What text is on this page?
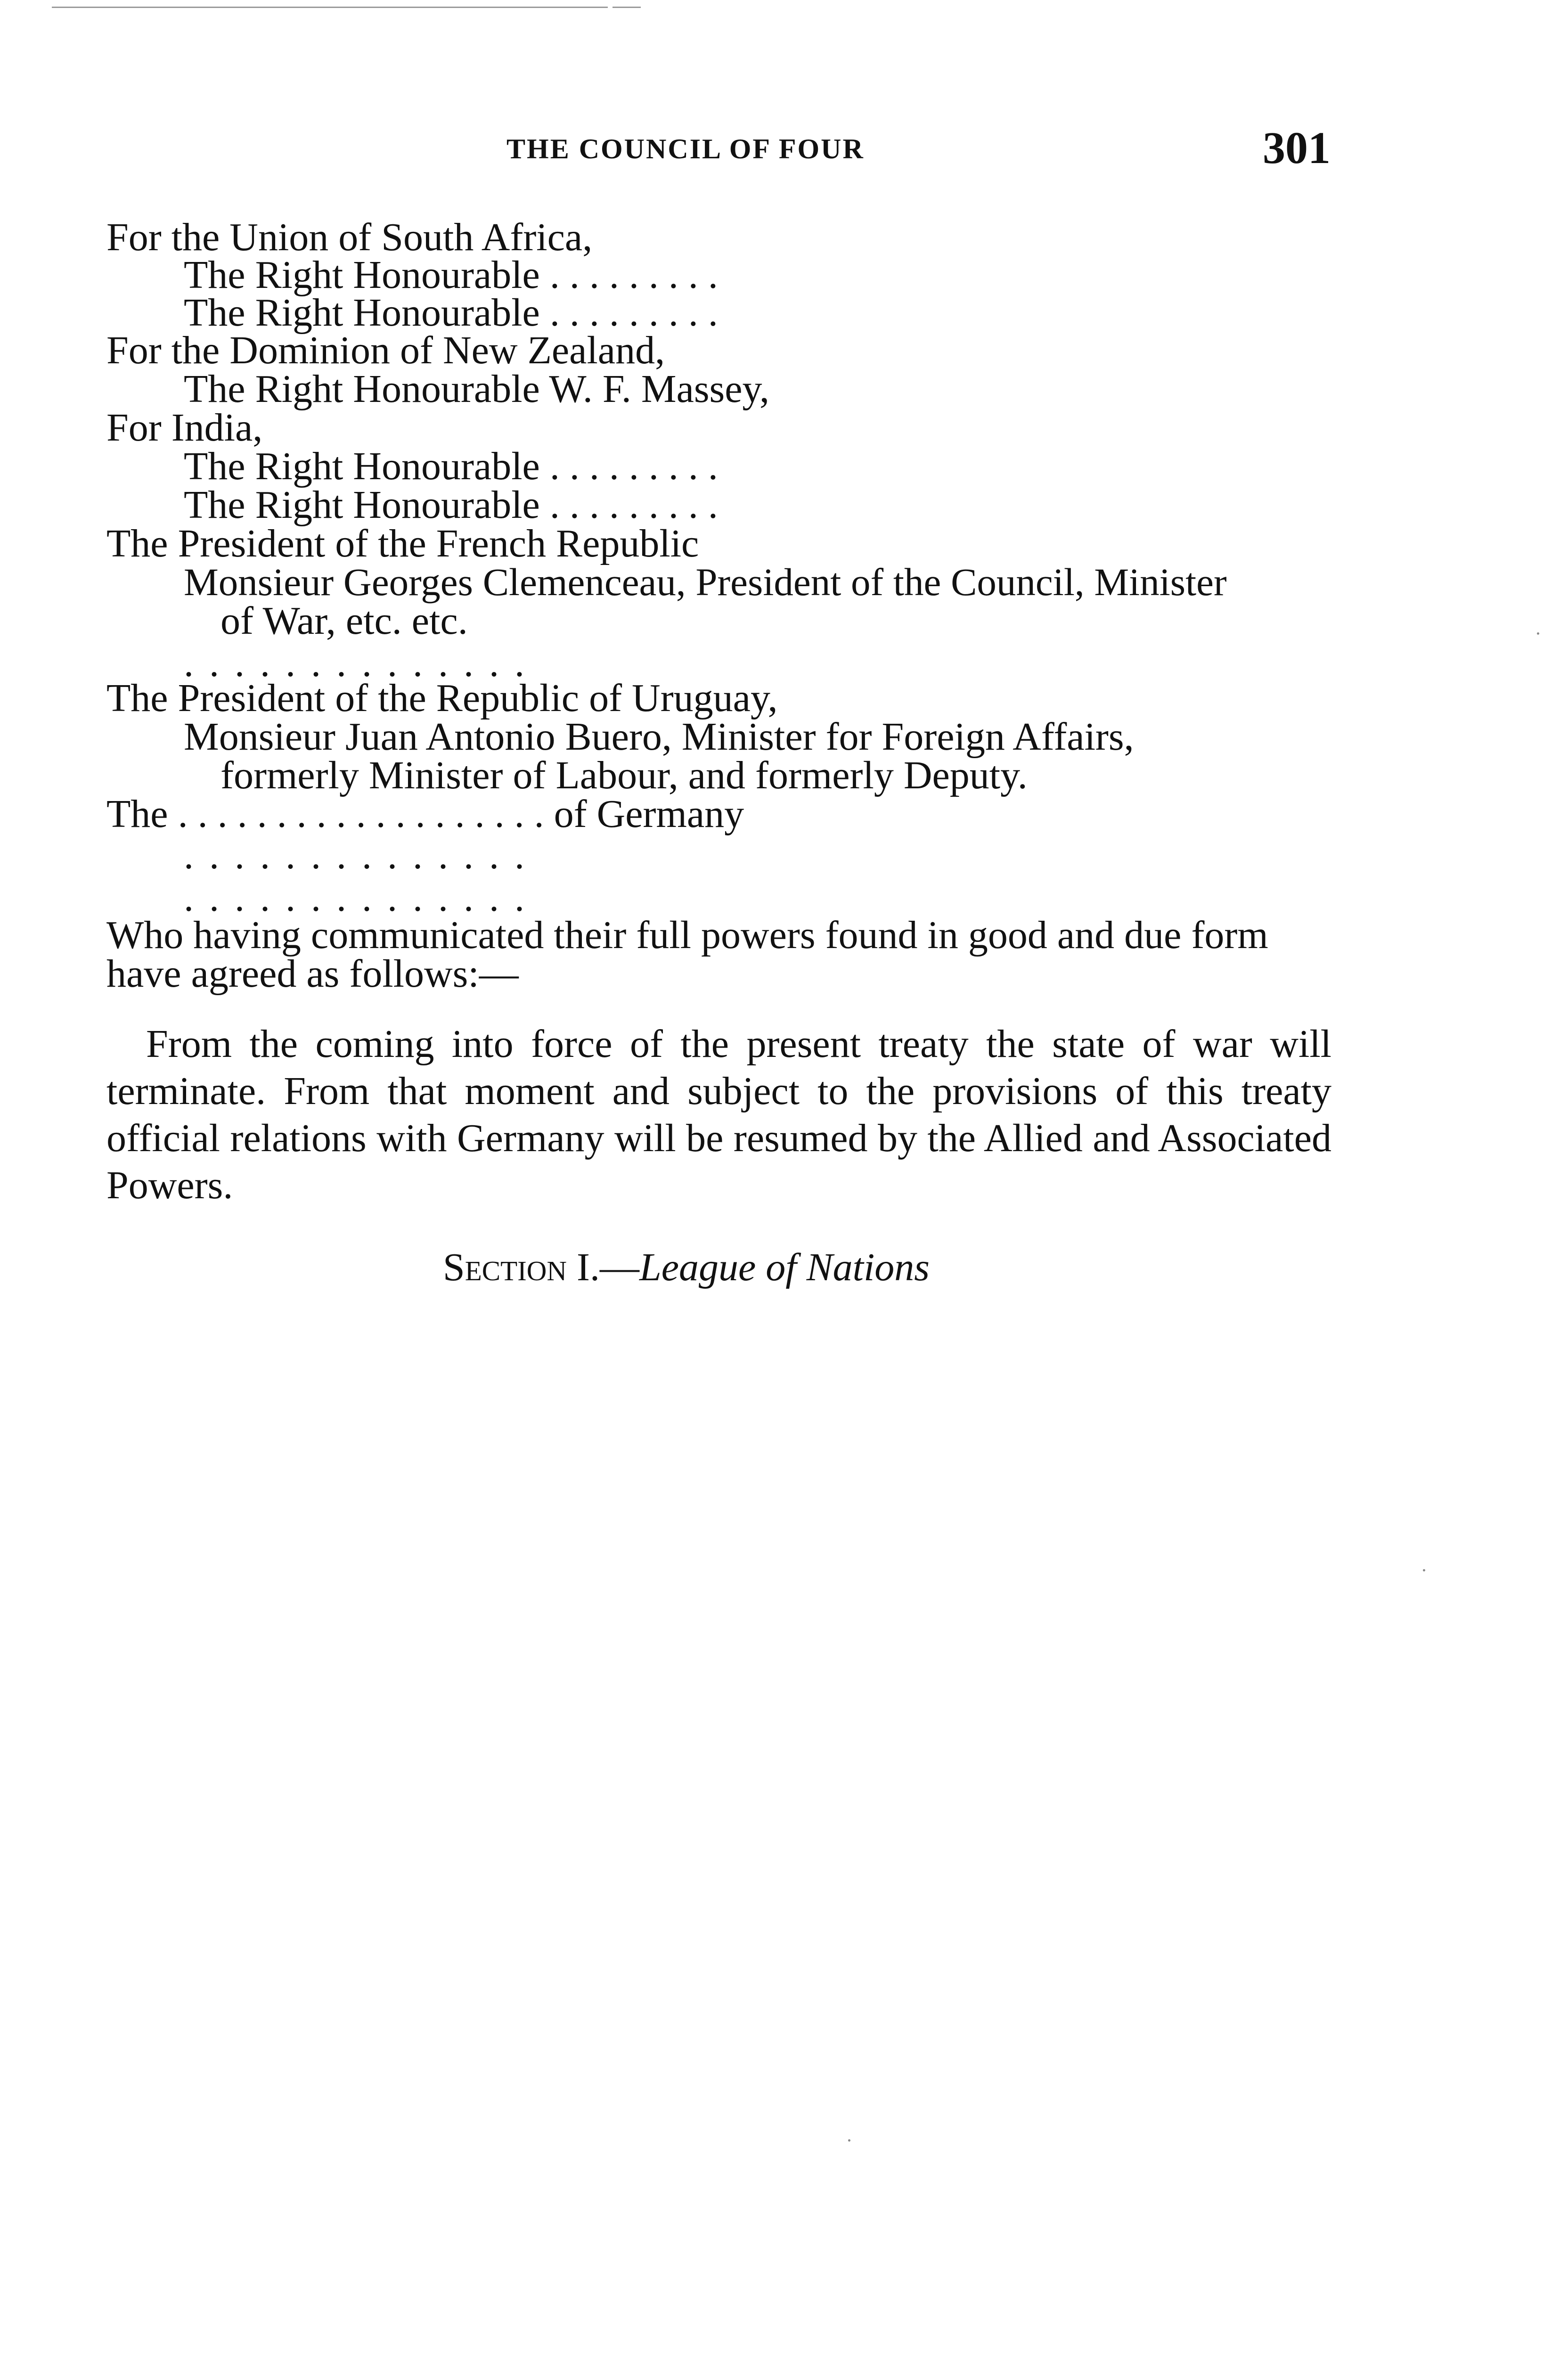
THE COUNCIL OF FOUR	301
For the Union of South Africa,
The Right Honourable . . . . . . . . .
The Right Honourable . . . . . . . . .
For the Dominion of New Zealand,
The Right Honourable W. F. Massey,
For India,
The Right Honourable . . . . . . . . .
The Right Honourable . . . . . . . . .
The President of the French Republic
Monsieur Georges Clemenceau, President of the Council, Minister
of War, etc. etc.
. . . . . . . . . . . . . .
The President of the Republic of Uruguay,
Monsieur Juan Antonio Buero, Minister for Foreign Affairs,
formerly Minister of Labour, and formerly Deputy.
The . . . . . . . . . . . . . . . . . . . of Germany
. . . . . . . . . . . . . .
. . . . . . . . . . . . . .
Who having communicated their full powers found in good and due form have agreed as follows:—
From the coming into force of the present treaty the state of war will terminate. From that moment and subject to the provisions of this treaty official relations with Germany will be resumed by the Allied and Associated Powers.
Section I.—League of Nations
